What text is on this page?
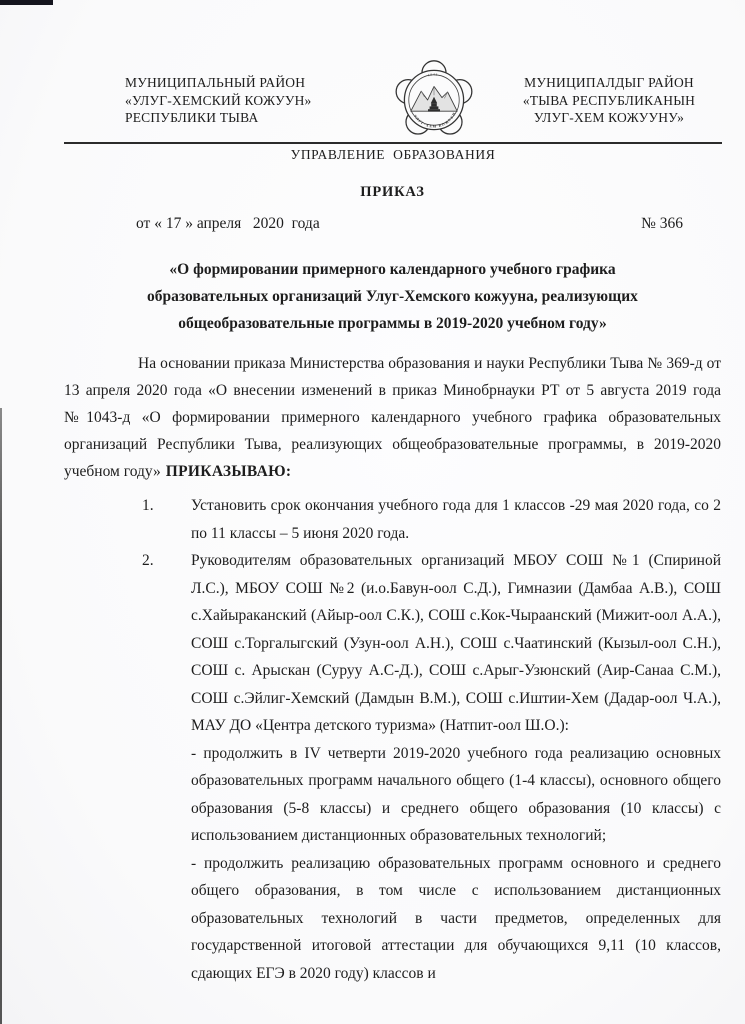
МУНИЦИПАЛЬНЫЙ РАЙОН
«УЛУГ-ХЕМСКИЙ КОЖУУН»
РЕСПУБЛИКИ ТЫВА
1943
УЛУГ-ХЕМ КОЖУУН
МУНИЦИПАЛДЫГ РАЙОН
«ТЫВА РЕСПУБЛИКАНЫН
УЛУГ-ХЕМ КОЖУУНУ»
УПРАВЛЕНИЕ  ОБРАЗОВАНИЯ
ПРИКАЗ
от « 17 » апреля   2020  года	№ 366
«О формировании примерного календарного учебного графика
образовательных организаций Улуг-Хемского кожууна, реализующих
общеобразовательные программы в 2019-2020 учебном году»

На основании приказа Министерства образования и науки Республики Тыва № 369-д от 13 апреля 2020 года «О внесении изменений в приказ Минобрнауки РТ от 5 августа 2019 года №1043-д «О формировании примерного календарного учебного графика образовательных организаций Республики Тыва, реализующих общеобразовательные программы, в 2019-2020 учебном году» ПРИКАЗЫВАЮ:

1. Установить срок окончания учебного года для 1 классов -29 мая 2020 года, со 2 по 11 классы – 5 июня 2020 года.

2. Руководителям образовательных организаций МБОУ СОШ №1 (Спириной Л.С.), МБОУ СОШ №2 (и.о.Бавун-оол С.Д.), Гимназии (Дамбаа А.В.), СОШ с.Хайыраканский (Айыр-оол С.К.), СОШ с.Кок-Чыраанский (Мижит-оол А.А.), СОШ с.Торгалыгский (Узун-оол А.Н.), СОШ с.Чаатинский (Кызыл-оол С.Н.), СОШ с. Арыскан (Суруу А.С-Д.), СОШ с.Арыг-Узюнский (Аир-Санаа С.М.), СОШ с.Эйлиг-Хемский (Дамдын В.М.), СОШ с.Иштии-Хем (Дадар-оол Ч.А.), МАУ ДО «Центра детского туризма» (Натпит-оол Ш.О.):

- продолжить в IV четверти 2019-2020 учебного года реализацию основных образовательных программ начального общего (1-4 классы), основного общего образования (5-8 классы) и среднего общего образования (10 классы) с использованием дистанционных образовательных технологий;

- продолжить реализацию образовательных программ основного и среднего общего образования, в том числе с использованием дистанционных образовательных технологий в части предметов, определенных для государственной итоговой аттестации для обучающихся 9,11 (10 классов, сдающих ЕГЭ в 2020 году) классов и
